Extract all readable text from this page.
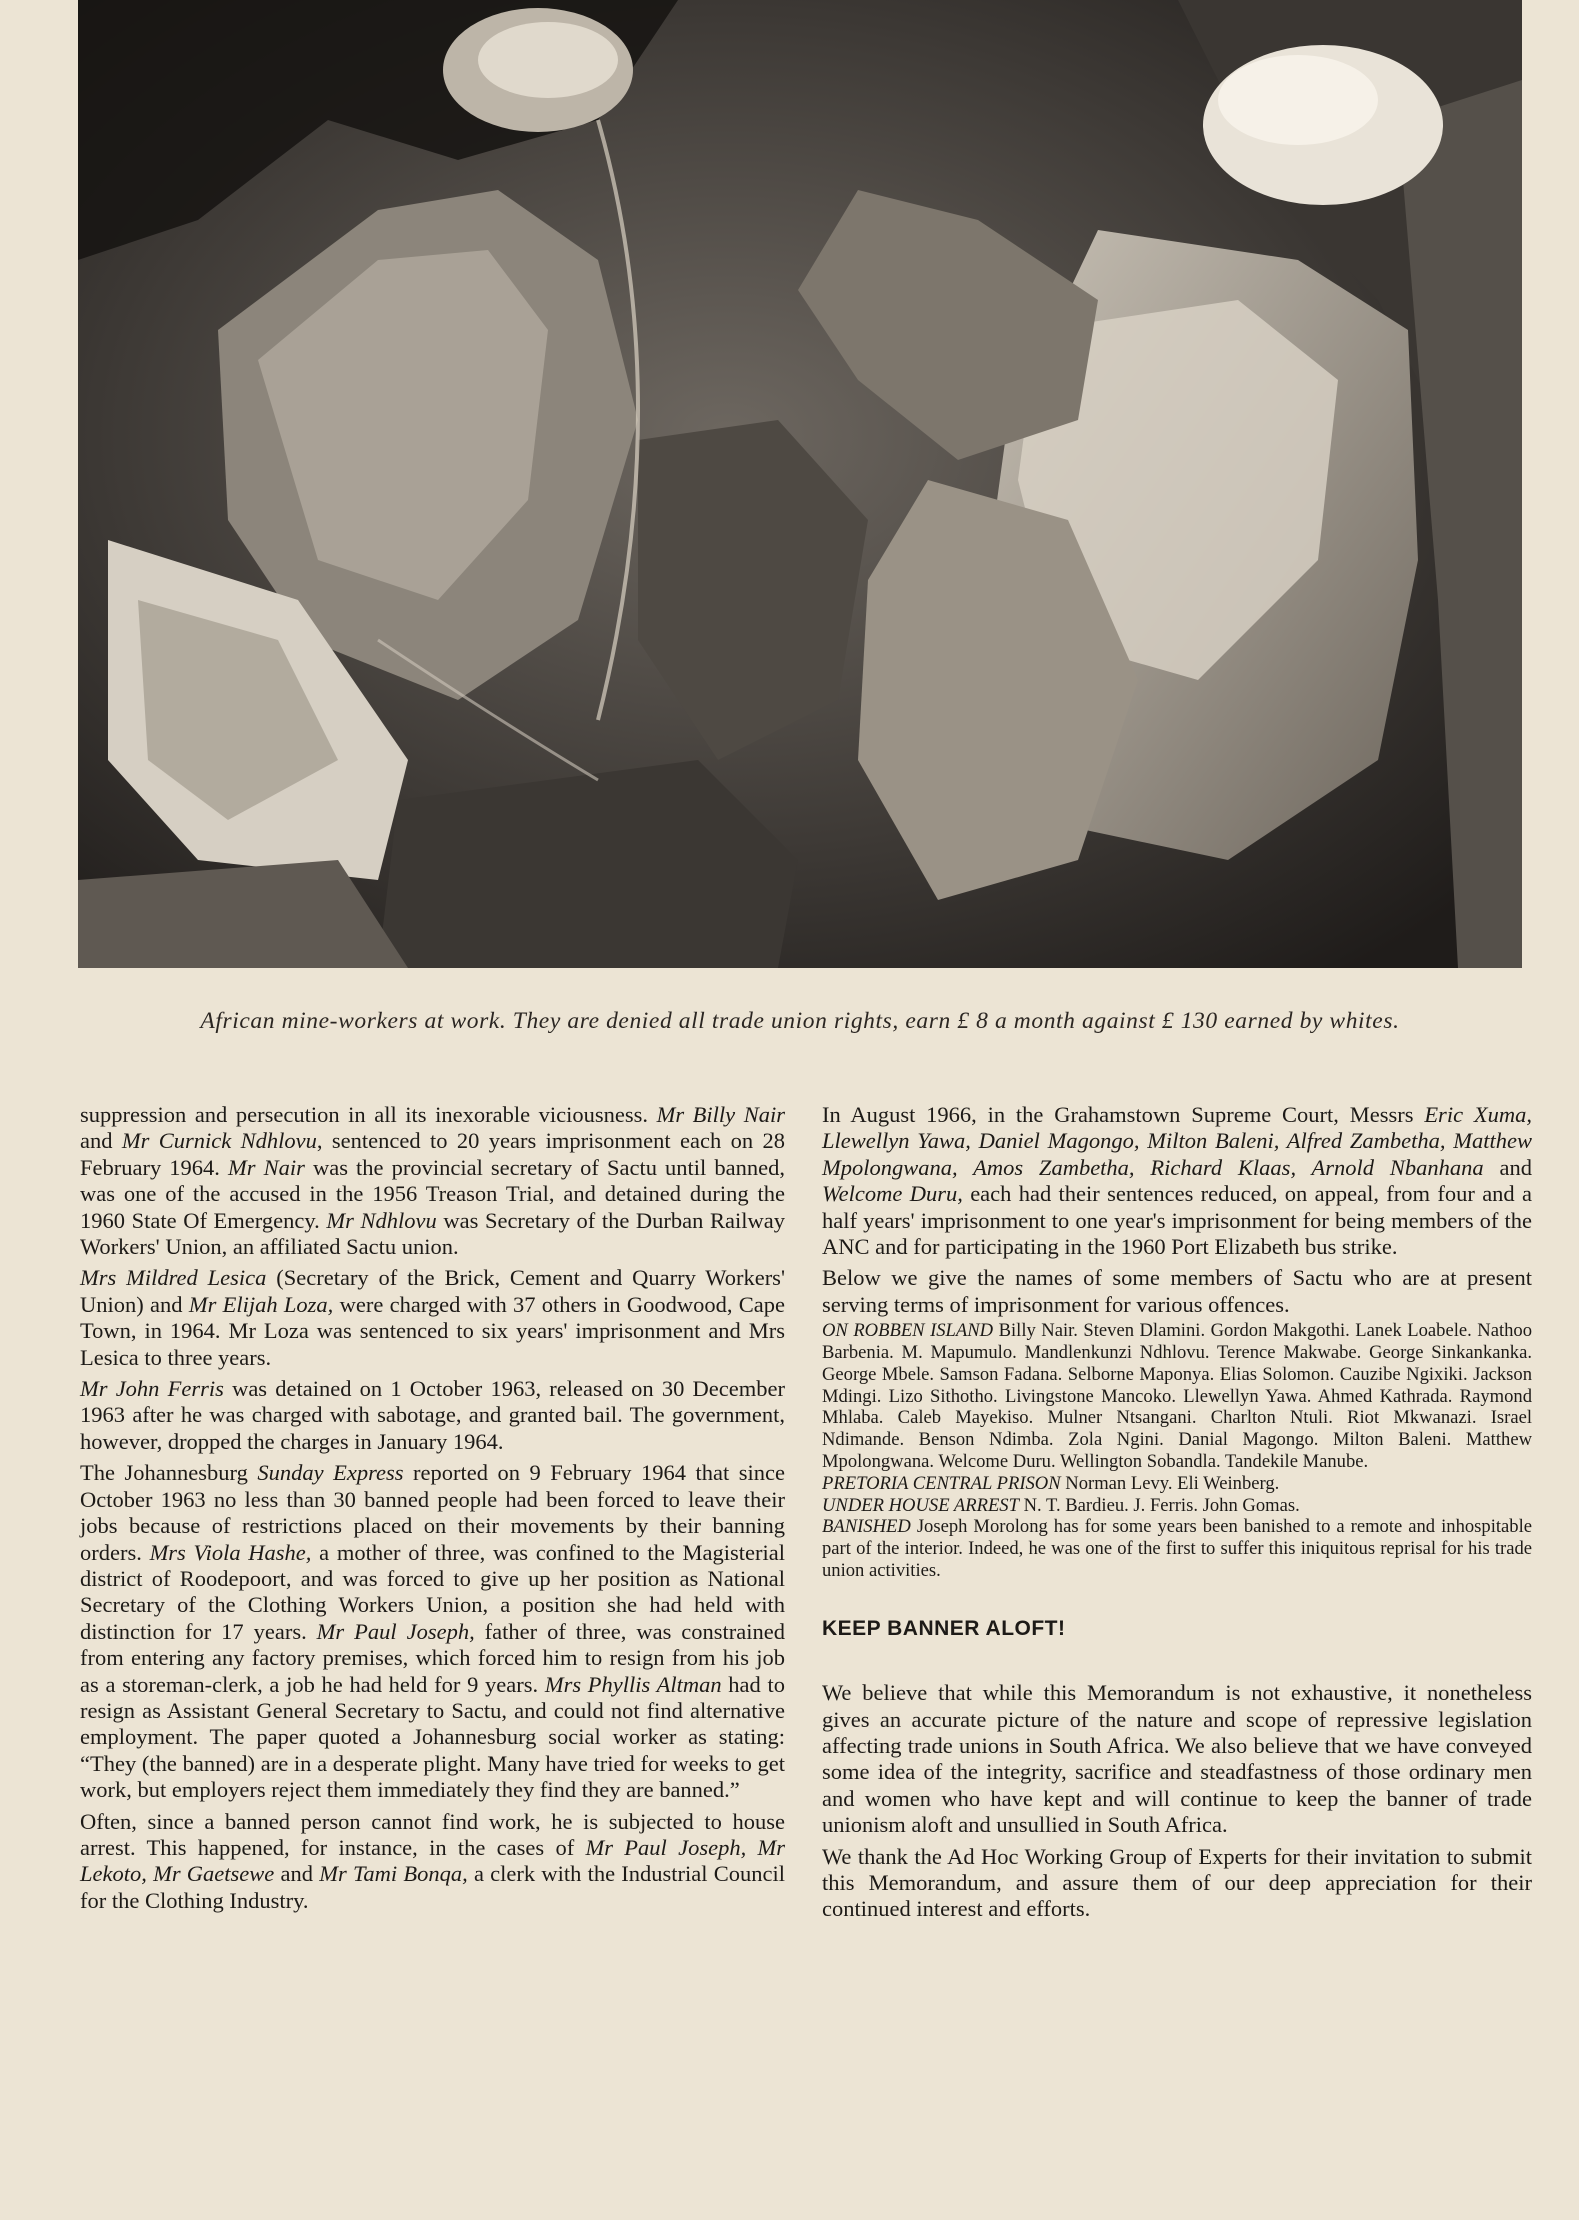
African mine-workers at work. They are denied all trade union rights, earn £ 8 a month against £ 130 earned by whites.

suppression and persecution in all its inexorable viciousness. Mr Billy Nair and Mr Curnick Ndhlovu, sentenced to 20 years imprisonment each on 28 February 1964. Mr Nair was the provincial secretary of Sactu until banned, was one of the accused in the 1956 Treason Trial, and detained during the 1960 State Of Emergency. Mr Ndhlovu was Secretary of the Durban Railway Workers' Union, an affiliated Sactu union.

Mrs Mildred Lesica (Secretary of the Brick, Cement and Quarry Workers' Union) and Mr Elijah Loza, were charged with 37 others in Goodwood, Cape Town, in 1964. Mr Loza was sentenced to six years' imprisonment and Mrs Lesica to three years.

Mr John Ferris was detained on 1 October 1963, released on 30 December 1963 after he was charged with sabotage, and granted bail. The government, however, dropped the charges in January 1964.

The Johannesburg Sunday Express reported on 9 February 1964 that since October 1963 no less than 30 banned people had been forced to leave their jobs because of restrictions placed on their movements by their banning orders. Mrs Viola Hashe, a mother of three, was confined to the Magisterial district of Roodepoort, and was forced to give up her position as National Secretary of the Clothing Workers Union, a position she had held with distinction for 17 years. Mr Paul Joseph, father of three, was constrained from entering any factory premises, which forced him to resign from his job as a storeman-clerk, a job he had held for 9 years. Mrs Phyllis Altman had to resign as Assistant General Secretary to Sactu, and could not find alternative employment. The paper quoted a Johannesburg social worker as stating: “They (the banned) are in a desperate plight. Many have tried for weeks to get work, but employers reject them immediately they find they are banned.”

Often, since a banned person cannot find work, he is subjected to house arrest. This happened, for instance, in the cases of Mr Paul Joseph, Mr Lekoto, Mr Gaetsewe and Mr Tami Bonqa, a clerk with the Industrial Council for the Clothing Industry.

In August 1966, in the Grahamstown Supreme Court, Messrs Eric Xuma, Llewellyn Yawa, Daniel Magongo, Milton Baleni, Alfred Zambetha, Matthew Mpolongwana, Amos Zambetha, Richard Klaas, Arnold Nbanhana and Welcome Duru, each had their sentences reduced, on appeal, from four and a half years' imprisonment to one year's imprisonment for being members of the ANC and for participating in the 1960 Port Elizabeth bus strike.

Below we give the names of some members of Sactu who are at present serving terms of imprisonment for various offences.

ON ROBBEN ISLAND Billy Nair. Steven Dlamini. Gordon Makgothi. Lanek Loabele. Nathoo Barbenia. M. Mapumulo. Mandlenkunzi Ndhlovu. Terence Makwabe. George Sinkankanka. George Mbele. Samson Fadana. Selborne Maponya. Elias Solomon. Cauzibe Ngixiki. Jackson Mdingi. Lizo Sithotho. Livingstone Mancoko. Llewellyn Yawa. Ahmed Kathrada. Raymond Mhlaba. Caleb Mayekiso. Mulner Ntsangani. Charlton Ntuli. Riot Mkwanazi. Israel Ndimande. Benson Ndimba. Zola Ngini. Danial Magongo. Milton Baleni. Matthew Mpolongwana. Welcome Duru. Wellington Sobandla. Tandekile Manube.

PRETORIA CENTRAL PRISON Norman Levy. Eli Weinberg.

UNDER HOUSE ARREST N. T. Bardieu. J. Ferris. John Gomas.

BANISHED Joseph Morolong has for some years been banished to a remote and inhospitable part of the interior. Indeed, he was one of the first to suffer this iniquitous reprisal for his trade union activities.

KEEP BANNER ALOFT!

We believe that while this Memorandum is not exhaustive, it nonetheless gives an accurate picture of the nature and scope of repressive legislation affecting trade unions in South Africa. We also believe that we have conveyed some idea of the integrity, sacrifice and steadfastness of those ordinary men and women who have kept and will continue to keep the banner of trade unionism aloft and unsullied in South Africa.

We thank the Ad Hoc Working Group of Experts for their invitation to submit this Memorandum, and assure them of our deep appreciation for their continued interest and efforts.
